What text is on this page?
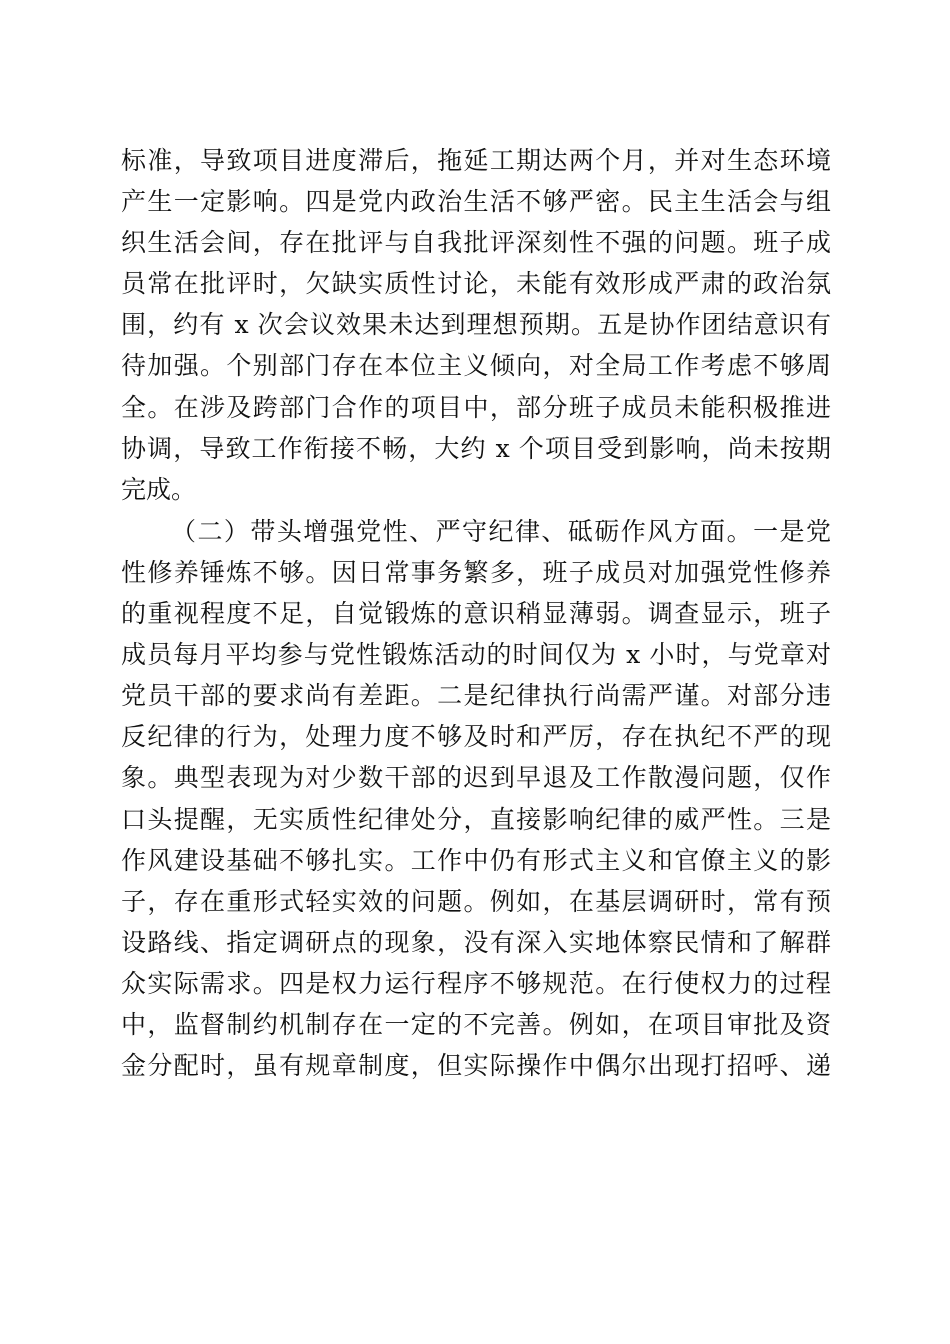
标准，导致项目进度滞后，拖延工期达两个月，并对生态环境
产生一定影响。四是党内政治生活不够严密。民主生活会与组
织生活会间，存在批评与自我批评深刻性不强的问题。班子成
员常在批评时，欠缺实质性讨论，未能有效形成严肃的政治氛
围，约有 x 次会议效果未达到理想预期。五是协作团结意识有
待加强。个别部门存在本位主义倾向，对全局工作考虑不够周
全。在涉及跨部门合作的项目中，部分班子成员未能积极推进
协调，导致工作衔接不畅，大约 x 个项目受到影响，尚未按期
完成。
（二）带头增强党性、严守纪律、砥砺作风方面。一是党
性修养锤炼不够。因日常事务繁多，班子成员对加强党性修养
的重视程度不足，自觉锻炼的意识稍显薄弱。调查显示，班子
成员每月平均参与党性锻炼活动的时间仅为 x 小时，与党章对
党员干部的要求尚有差距。二是纪律执行尚需严谨。对部分违
反纪律的行为，处理力度不够及时和严厉，存在执纪不严的现
象。典型表现为对少数干部的迟到早退及工作散漫问题，仅作
口头提醒，无实质性纪律处分，直接影响纪律的威严性。三是
作风建设基础不够扎实。工作中仍有形式主义和官僚主义的影
子，存在重形式轻实效的问题。例如，在基层调研时，常有预
设路线、指定调研点的现象，没有深入实地体察民情和了解群
众实际需求。四是权力运行程序不够规范。在行使权力的过程
中，监督制约机制存在一定的不完善。例如，在项目审批及资
金分配时，虽有规章制度，但实际操作中偶尔出现打招呼、递
